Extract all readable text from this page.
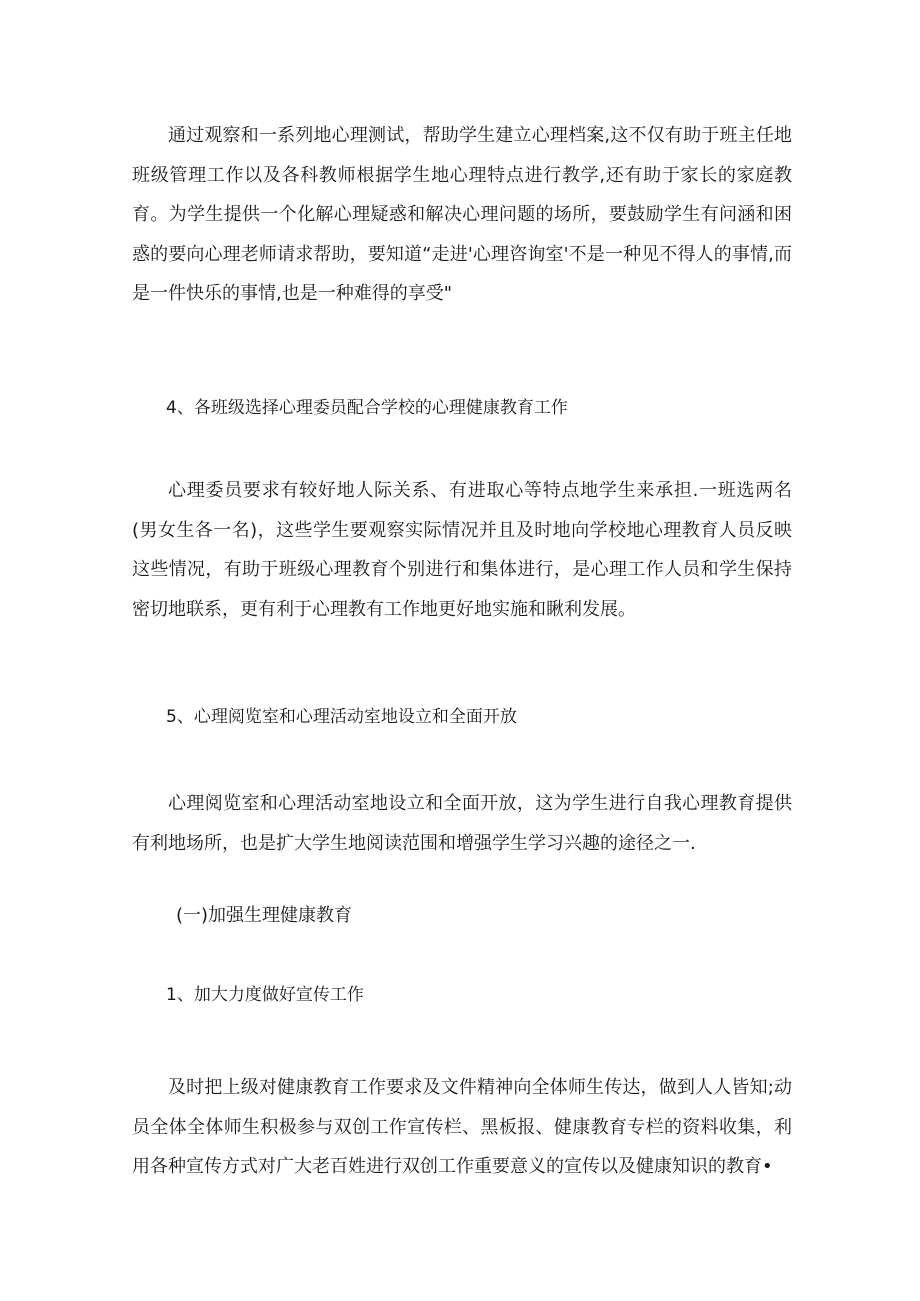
通过观察和一系列地心理测试，帮助学生建立心理档案,这不仅有助于班主任地班级管理工作以及各科教师根据学生地心理特点进行教学,还有助于家长的家庭教育。为学生提供一个化解心理疑惑和解决心理问题的场所，要鼓励学生有问涵和困惑的要向心理老师请求帮助，要知道“走进'心理咨询室'不是一种见不得人的事情,而是一件快乐的事情,也是一种难得的享受"

4、各班级选择心理委员配合学校的心理健康教育工作

心理委员要求有较好地人际关系、有进取心等特点地学生来承担.一班选两名(男女生各一名)，这些学生要观察实际情况并且及时地向学校地心理教育人员反映这些情况，有助于班级心理教育个别进行和集体进行，是心理工作人员和学生保持密切地联系，更有利于心理教有工作地更好地实施和瞅利发展。

5、心理阅览室和心理活动室地设立和全面开放

心理阅览室和心理活动室地设立和全面开放，这为学生进行自我心理教育提供有利地场所，也是扩大学生地阅读范围和增强学生学习兴趣的途径之一.

(一)加强生理健康教育

1、加大力度做好宣传工作

及时把上级对健康教育工作要求及文件精神向全体师生传达，做到人人皆知;动员全体全体师生积极参与双创工作宣传栏、黑板报、健康教育专栏的资料收集，利用各种宣传方式对广大老百姓进行双创工作重要意义的宣传以及健康知识的教育•
